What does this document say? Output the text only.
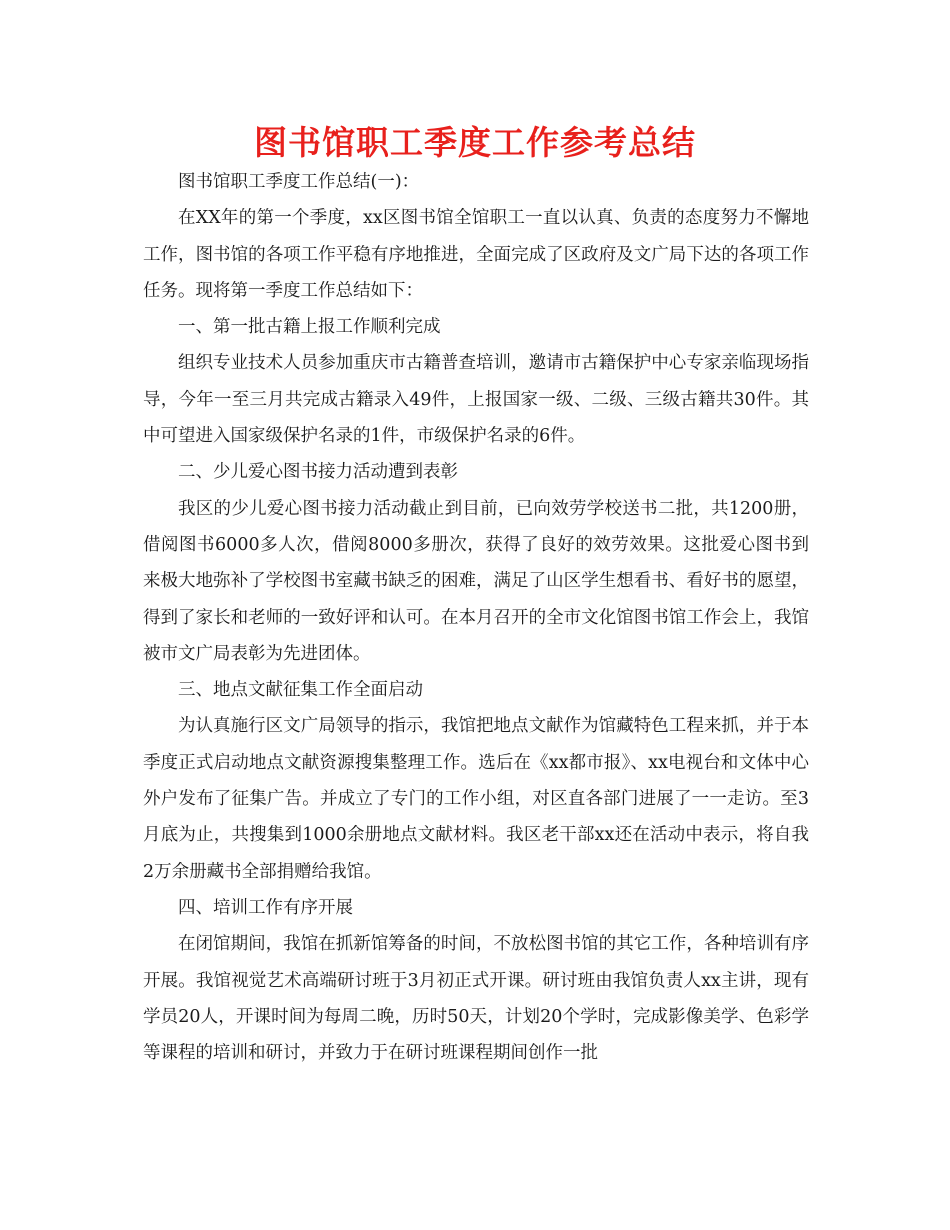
图书馆职工季度工作参考总结

图书馆职工季度工作总结(一)：

在XX年的第一个季度，xx区图书馆全馆职工一直以认真、负责的态度努力不懈地工作，图书馆的各项工作平稳有序地推进，全面完成了区政府及文广局下达的各项工作任务。现将第一季度工作总结如下：

一、第一批古籍上报工作顺利完成

组织专业技术人员参加重庆市古籍普查培训，邀请市古籍保护中心专家亲临现场指导，今年一至三月共完成古籍录入49件，上报国家一级、二级、三级古籍共30件。其中可望进入国家级保护名录的1件，市级保护名录的6件。

二、少儿爱心图书接力活动遭到表彰

我区的少儿爱心图书接力活动截止到目前，已向效劳学校送书二批，共1200册，借阅图书6000多人次，借阅8000多册次，获得了良好的效劳效果。这批爱心图书到来极大地弥补了学校图书室藏书缺乏的困难，满足了山区学生想看书、看好书的愿望，得到了家长和老师的一致好评和认可。在本月召开的全市文化馆图书馆工作会上，我馆被市文广局表彰为先进团体。

三、地点文献征集工作全面启动

为认真施行区文广局领导的指示，我馆把地点文献作为馆藏特色工程来抓，并于本季度正式启动地点文献资源搜集整理工作。选后在《xx都市报》、xx电视台和文体中心外户发布了征集广告。并成立了专门的工作小组，对区直各部门进展了一一走访。至3月底为止，共搜集到1000余册地点文献材料。我区老干部xx还在活动中表示，将自我2万余册藏书全部捐赠给我馆。

四、培训工作有序开展

在闭馆期间，我馆在抓新馆筹备的时间，不放松图书馆的其它工作，各种培训有序开展。我馆视觉艺术高端研讨班于3月初正式开课。研讨班由我馆负责人xx主讲，现有学员20人，开课时间为每周二晚，历时50天，计划20个学时，完成影像美学、色彩学等课程的培训和研讨，并致力于在研讨班课程期间创作一批
